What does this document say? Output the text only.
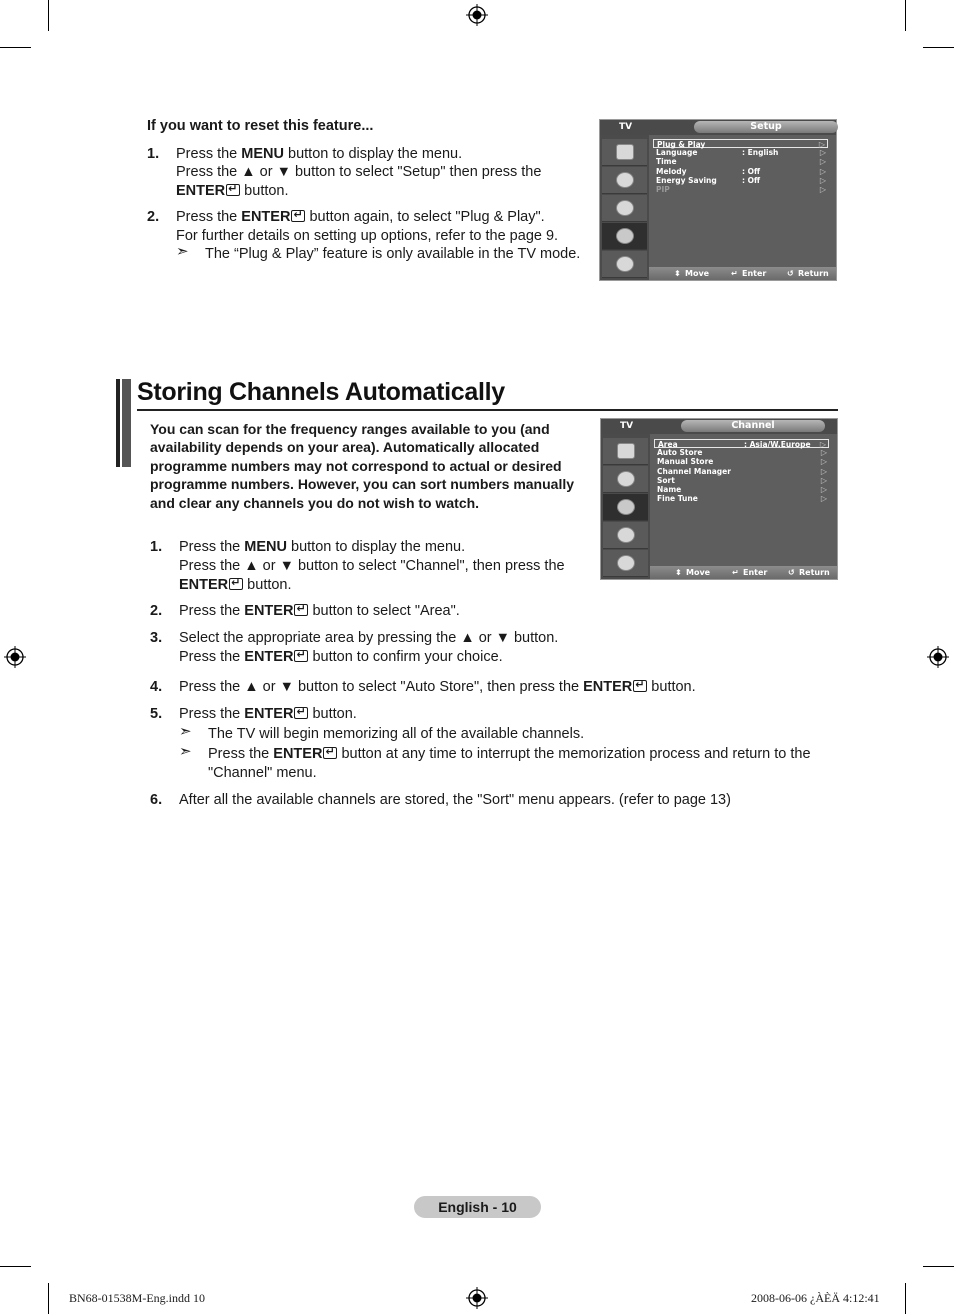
If you want to reset this feature...
1. Press the MENU button to display the menu.
Press the ▲ or ▼ button to select "Setup" then press the
ENTER↵ button.
2. Press the ENTER↵ button again, to select "Plug & Play".
For further details on setting up options, refer to the page 9.
➣ The “Plug & Play” feature is only available in the TV mode.
TV	Setup
Plug & Play	▷
Language	: English	▷
Time	▷
Melody	: Off	▷
Energy Saving	: Off	▷
PIP	▷
⬍ Move	↵ Enter	↺ Return
Storing Channels Automatically
You can scan for the frequency ranges available to you (and availability depends on your area). Automatically allocated programme numbers may not correspond to actual or desired programme numbers. However, you can sort numbers manually and clear any channels you do not wish to watch.
TV	Channel
Area	: Asia/W.Europe ▷
Auto Store	▷
Manual Store	▷
Channel Manager	▷
Sort	▷
Name	▷
Fine Tune	▷
⬍ Move	↵ Enter	↺ Return
1. Press the MENU button to display the menu.
Press the ▲ or ▼ button to select "Channel", then press the
ENTER↵ button.
2. Press the ENTER↵ button to select "Area".
3. Select the appropriate area by pressing the ▲ or ▼ button.
Press the ENTER↵ button to confirm your choice.
4. Press the ▲ or ▼ button to select "Auto Store", then press the ENTER↵ button.
5. Press the ENTER↵ button.
➣ The TV will begin memorizing all of the available channels.
➣ Press the ENTER↵ button at any time to interrupt the memorization process and return to the "Channel" menu.
6. After all the available channels are stored, the "Sort" menu appears. (refer to page 13)
English - 10
BN68-01538M-Eng.indd 10	2008-06-06 ¿ÀÈÄ 4:12:41
